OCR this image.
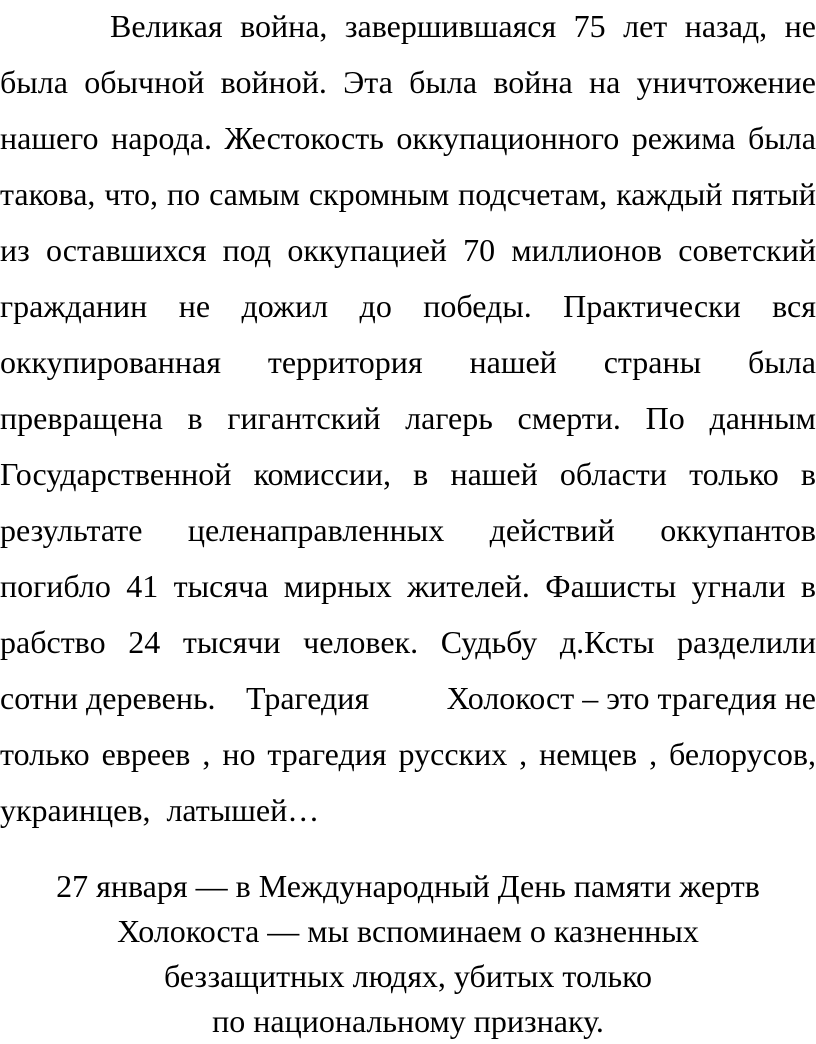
Великая война, завершившаяся 75 лет назад, не
была обычной войной. Эта была война на уничтожение
нашего народа. Жестокость оккупационного режима была
такова, что, по самым скромным подсчетам, каждый пятый
из оставшихся под оккупацией 70 миллионов советский
гражданин не дожил до победы. Практически вся
оккупированная территория нашей страны была
превращена в гигантский лагерь смерти. По данным
Государственной комиссии, в нашей области только в
результате целенаправленных действий оккупантов
погибло 41 тысяча мирных жителей. Фашисты угнали в
рабство 24 тысячи человек. Судьбу д.Ксты разделили
сотни деревень. Трагедия Холокост – это трагедия не
только евреев , но трагедия русских , немцев , белорусов,
украинцев, латышей…
27 января — в Международный День памяти жертв
Холокоста — мы вспоминаем о казненных
беззащитных людях, убитых только
по национальному признаку.
